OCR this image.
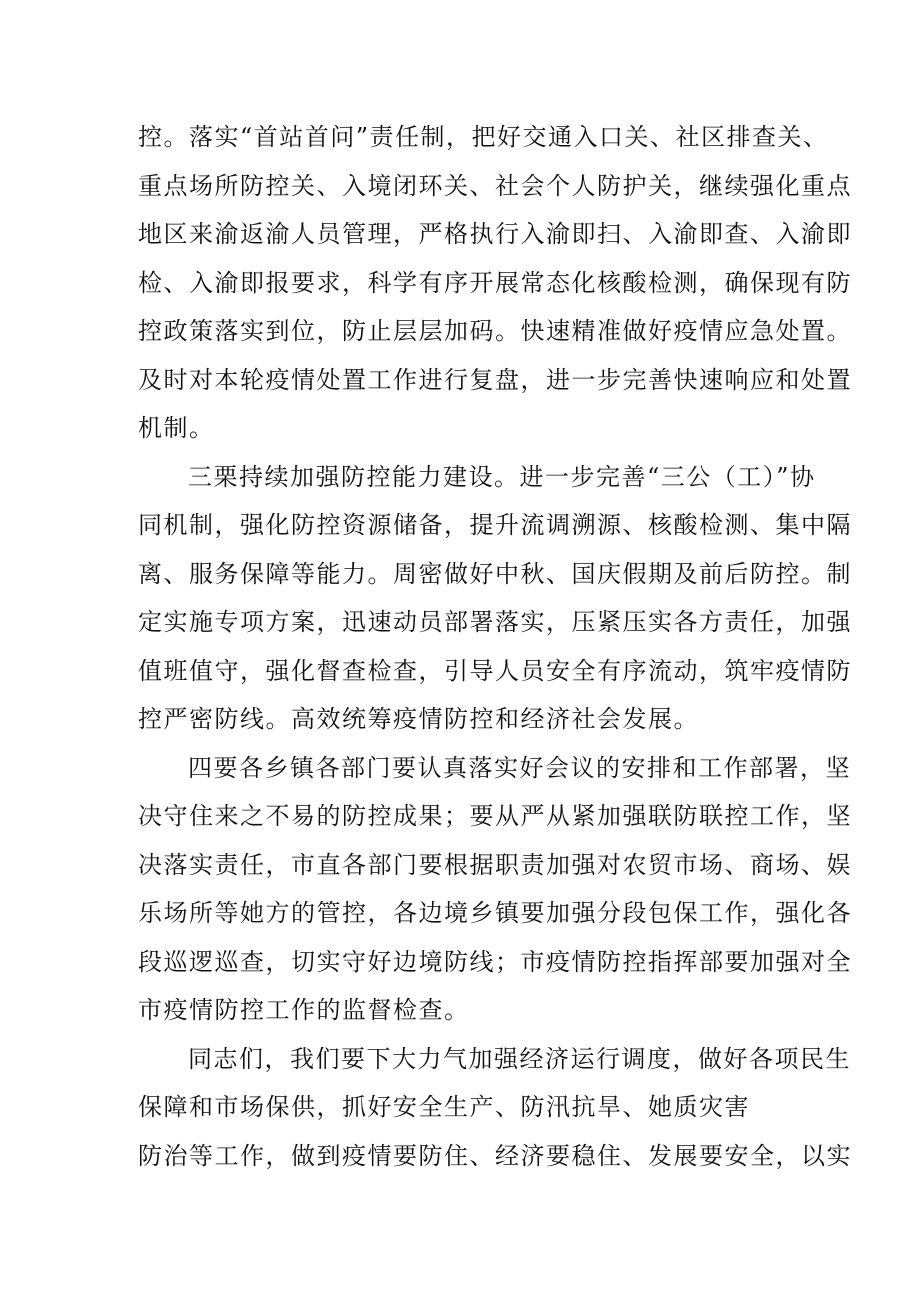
控。落实“首站首问”责任制，把好交通入口关、社区排查关、
重点场所防控关、入境闭环关、社会个人防护关，继续强化重点
地区来渝返渝人员管理，严格执行入渝即扫、入渝即查、入渝即
检、入渝即报要求，科学有序开展常态化核酸检测，确保现有防
控政策落实到位，防止层层加码。快速精准做好疫情应急处置。
及时对本轮疫情处置工作进行复盘，进一步完善快速响应和处置
机制。
三栗持续加强防控能力建设。进一步完善“三公（工）”协
同机制，强化防控资源储备，提升流调溯源、核酸检测、集中隔
离、服务保障等能力。周密做好中秋、国庆假期及前后防控。制
定实施专项方案，迅速动员部署落实，压紧压实各方责任，加强
值班值守，强化督查检查，引导人员安全有序流动，筑牢疫情防
控严密防线。高效统筹疫情防控和经济社会发展。
四要各乡镇各部门要认真落实好会议的安排和工作部署，坚
决守住来之不易的防控成果；要从严从紧加强联防联控工作，坚
决落实责任，市直各部门要根据职责加强对农贸市场、商场、娱
乐场所等她方的管控，各边境乡镇要加强分段包保工作，强化各
段巡逻巡查，切实守好边境防线；市疫情防控指挥部要加强对全
市疫情防控工作的监督检查。
同志们，我们要下大力气加强经济运行调度，做好各项民生
保障和市场保供，抓好安全生产、防汛抗旱、她质灾害
防治等工作，做到疫情要防住、经济要稳住、发展要安全，以实
